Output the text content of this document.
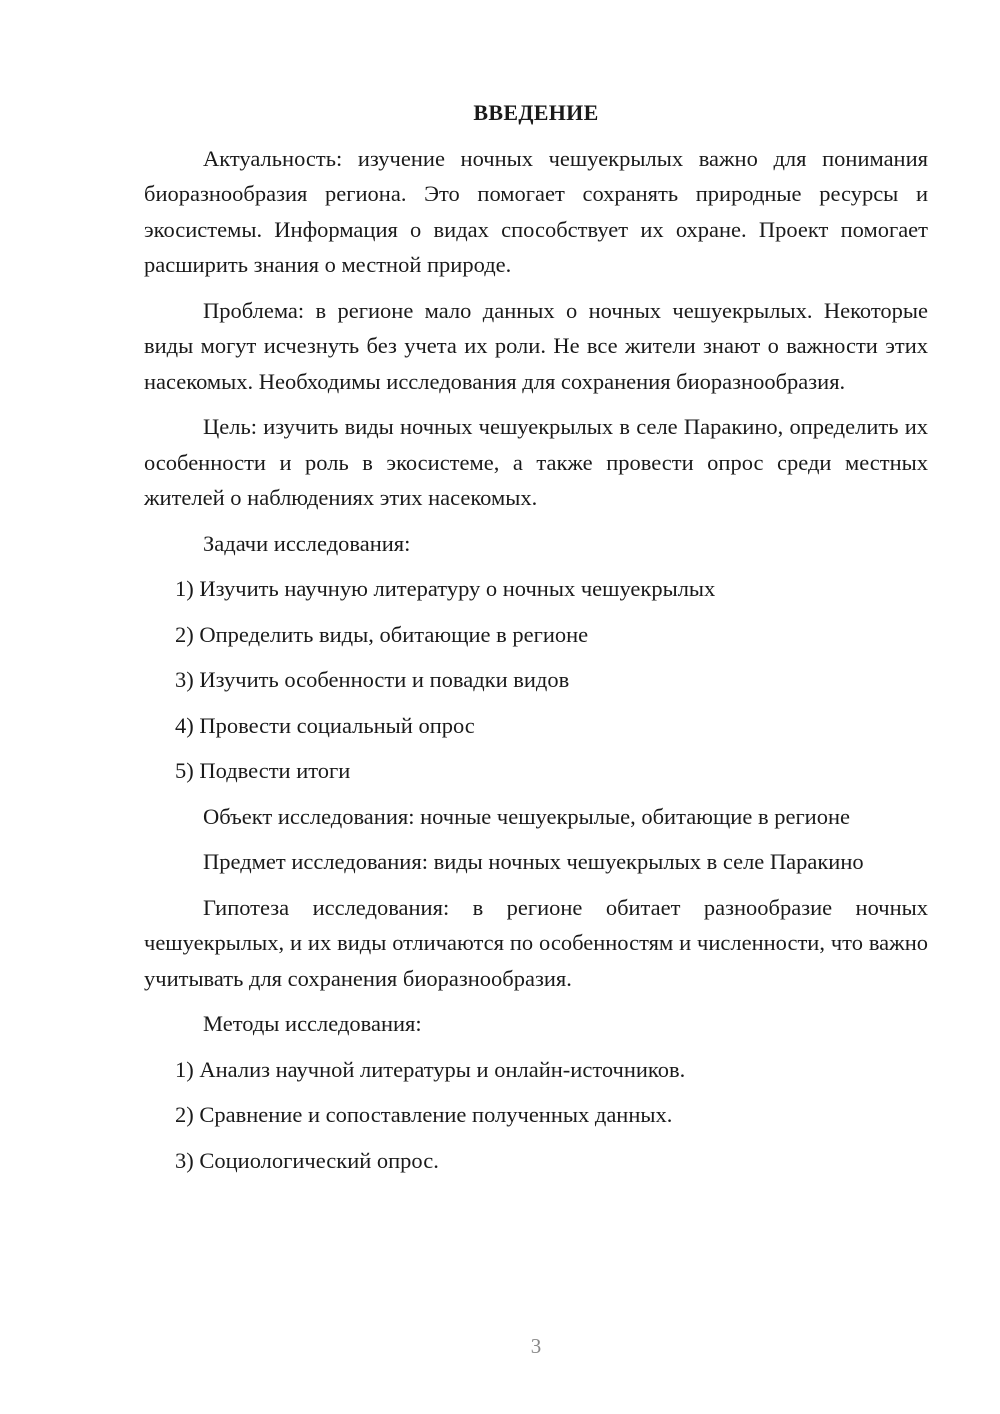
ВВЕДЕНИЕ
Актуальность: изучение ночных чешуекрылых важно для понимания биоразнообразия региона. Это помогает сохранять природные ресурсы и экосистемы. Информация о видах способствует их охране. Проект помогает расширить знания о местной природе.
Проблема: в регионе мало данных о ночных чешуекрылых. Некоторые виды могут исчезнуть без учета их роли. Не все жители знают о важности этих насекомых. Необходимы исследования для сохранения биоразнообразия.
Цель: изучить виды ночных чешуекрылых в селе Паракино, определить их особенности и роль в экосистеме, а также провести опрос среди местных жителей о наблюдениях этих насекомых.
Задачи исследования:
1) Изучить научную литературу о ночных чешуекрылых
2) Определить виды, обитающие в регионе
3) Изучить особенности и повадки видов
4) Провести социальный опрос
5) Подвести итоги
Объект исследования: ночные чешуекрылые, обитающие в регионе
Предмет исследования: виды ночных чешуекрылых в селе Паракино
Гипотеза исследования: в регионе обитает разнообразие ночных чешуекрылых, и их виды отличаются по особенностям и численности, что важно учитывать для сохранения биоразнообразия.
Методы исследования:
1) Анализ научной литературы и онлайн-источников.
2) Сравнение и сопоставление полученных данных.
3) Социологический опрос.
3
